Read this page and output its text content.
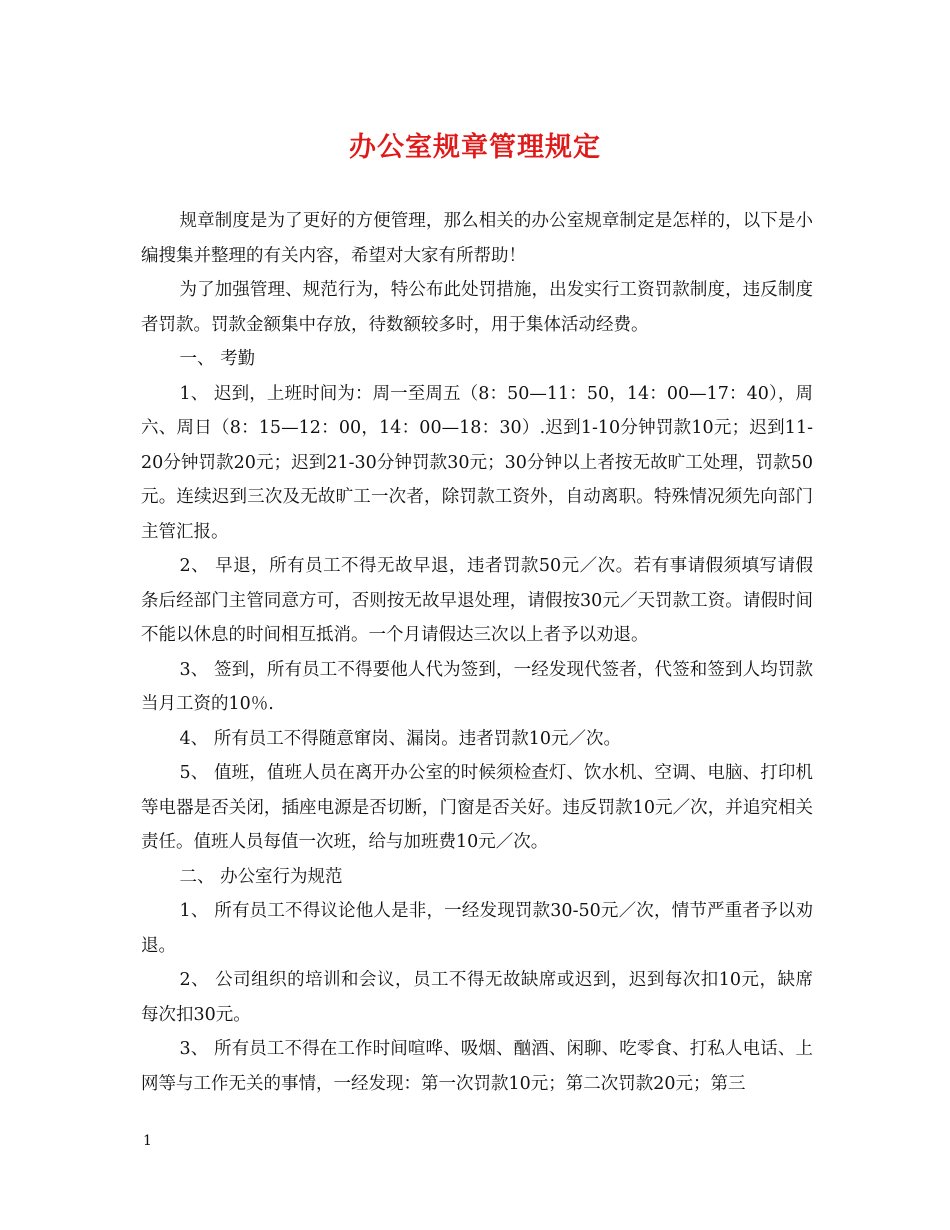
办公室规章管理规定

规章制度是为了更好的方便管理，那么相关的办公室规章制定是怎样的，以下是小编搜集并整理的有关内容，希望对大家有所帮助！

为了加强管理、规范行为，特公布此处罚措施，出发实行工资罚款制度，违反制度者罚款。罚款金额集中存放，待数额较多时，用于集体活动经费。

一、 考勤

1、 迟到，上班时间为：周一至周五（8：50—11：50，14：00—17：40），周六、周日（8：15—12：00，14：00—18：30）.迟到1-10分钟罚款10元；迟到11-20分钟罚款20元；迟到21-30分钟罚款30元；30分钟以上者按无故旷工处理，罚款50元。连续迟到三次及无故旷工一次者，除罚款工资外，自动离职。特殊情况须先向部门主管汇报。

2、 早退，所有员工不得无故早退，违者罚款50元／次。若有事请假须填写请假条后经部门主管同意方可，否则按无故早退处理，请假按30元／天罚款工资。请假时间不能以休息的时间相互抵消。一个月请假达三次以上者予以劝退。

3、 签到，所有员工不得要他人代为签到，一经发现代签者，代签和签到人均罚款当月工资的10％.

4、 所有员工不得随意窜岗、漏岗。违者罚款10元／次。

5、 值班，值班人员在离开办公室的时候须检查灯、饮水机、空调、电脑、打印机等电器是否关闭，插座电源是否切断，门窗是否关好。违反罚款10元／次，并追究相关责任。值班人员每值一次班，给与加班费10元／次。

二、 办公室行为规范

1、 所有员工不得议论他人是非，一经发现罚款30-50元／次，情节严重者予以劝退。

2、 公司组织的培训和会议，员工不得无故缺席或迟到，迟到每次扣10元，缺席每次扣30元。

3、 所有员工不得在工作时间喧哗、吸烟、酗酒、闲聊、吃零食、打私人电话、上网等与工作无关的事情，一经发现：第一次罚款10元；第二次罚款20元；第三

1
